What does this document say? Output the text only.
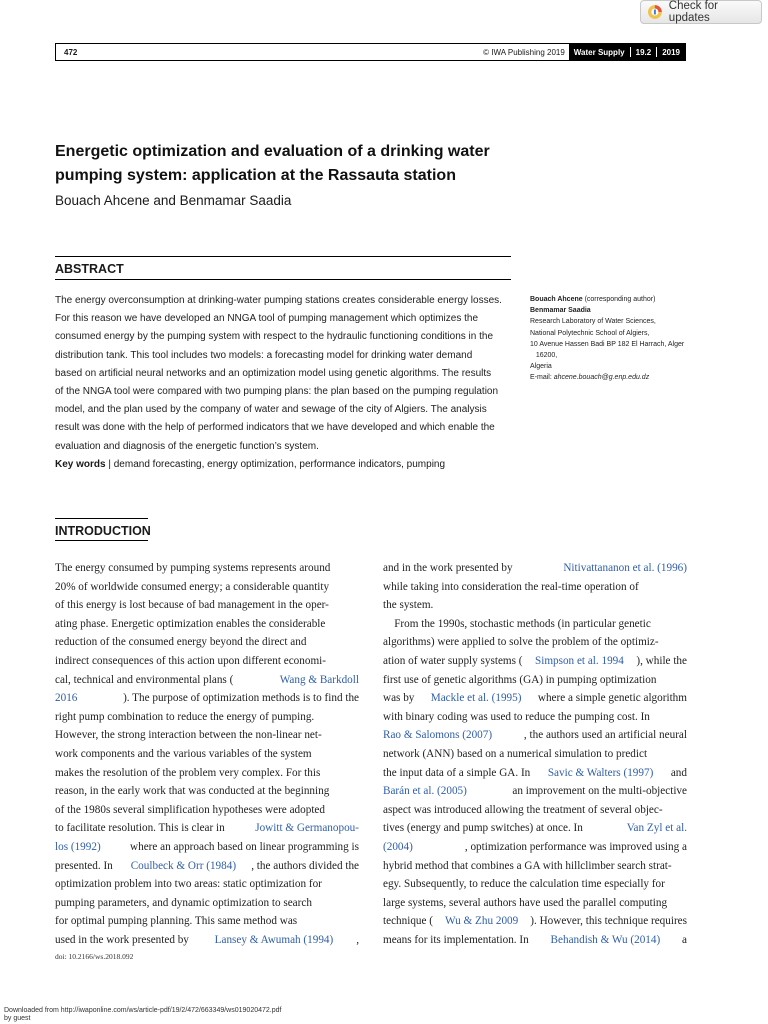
Check for updates
472	© IWA Publishing 2019	Water Supply	19.2	2019
Energetic optimization and evaluation of a drinking water
pumping system: application at the Rassauta station
Bouach Ahcene and Benmamar Saadia
ABSTRACT
The energy overconsumption at drinking-water pumping stations creates considerable energy losses.
For this reason we have developed an NNGA tool of pumping management which optimizes the
consumed energy by the pumping system with respect to the hydraulic functioning conditions in the
distribution tank. This tool includes two models: a forecasting model for drinking water demand
based on artificial neural networks and an optimization model using genetic algorithms. The results
of the NNGA tool were compared with two pumping plans: the plan based on the pumping regulation
model, and the plan used by the company of water and sewage of the city of Algiers. The analysis
result was done with the help of performed indicators that we have developed and which enable the
evaluation and diagnosis of the energetic function’s system.
Key words | demand forecasting, energy optimization, performance indicators, pumping
Bouach Ahcene (corresponding author)
Benmamar Saadia
Research Laboratory of Water Sciences,
National Polytechnic School of Algiers,
10 Avenue Hassen Badi BP 182 El Harrach, Alger
16200,
Algeria
E-mail: ahcene.bouach@g.enp.edu.dz
INTRODUCTION
The energy consumed by pumping systems represents around
20% of worldwide consumed energy; a considerable quantity
of this energy is lost because of bad management in the oper-
ating phase. Energetic optimization enables the considerable
reduction of the consumed energy beyond the direct and
indirect consequences of this action upon different economi-
cal, technical and environmental plans (	Wang & Barkdoll
2016	). The purpose of optimization methods is to find the
right pump combination to reduce the energy of pumping.
However, the strong interaction between the non-linear net-
work components and the various variables of the system
makes the resolution of the problem very complex. For this
reason, in the early work that was conducted at the beginning
of the 1980s several simplification hypotheses were adopted
to facilitate resolution. This is clear in Jowitt & Germanopou-
los (1992) where an approach based on linear programming is
presented. In Coulbeck & Orr (1984) , the authors divided the
optimization problem into two areas: static optimization for
pumping parameters, and dynamic optimization to search
for optimal pumping planning. This same method was
used in the work presented by Lansey & Awumah (1994) ,
and in the work presented by	Nitivattananon et al. (1996)
while taking into consideration the real-time operation of
the system.
From the 1990s, stochastic methods (in particular genetic
algorithms) were applied to solve the problem of the optimiz-
ation of water supply systems ( Simpson et al. 1994 ), while the
first use of genetic algorithms (GA) in pumping optimization
was by Mackle et al. (1995) where a simple genetic algorithm
with binary coding was used to reduce the pumping cost. In
Rao & Salomons (2007)	, the authors used an artificial neural
network (ANN) based on a numerical simulation to predict
the input data of a simple GA. In Savic & Walters (1997) and
Barán et al. (2005)	an improvement on the multi-objective
aspect was introduced allowing the treatment of several objec-
tives (energy and pump switches) at once. In	Van Zyl et al.
(2004)	, optimization performance was improved using a
hybrid method that combines a GA with hillclimber search strat-
egy. Subsequently, to reduce the calculation time especially for
large systems, several authors have used the parallel computing
technique ( Wu & Zhu 2009 ). However, this technique requires
means for its implementation. In Behandish & Wu (2014) a
doi: 10.2166/ws.2018.092
Downloaded from http://iwaponline.com/ws/article-pdf/19/2/472/663349/ws019020472.pdf
by guest
